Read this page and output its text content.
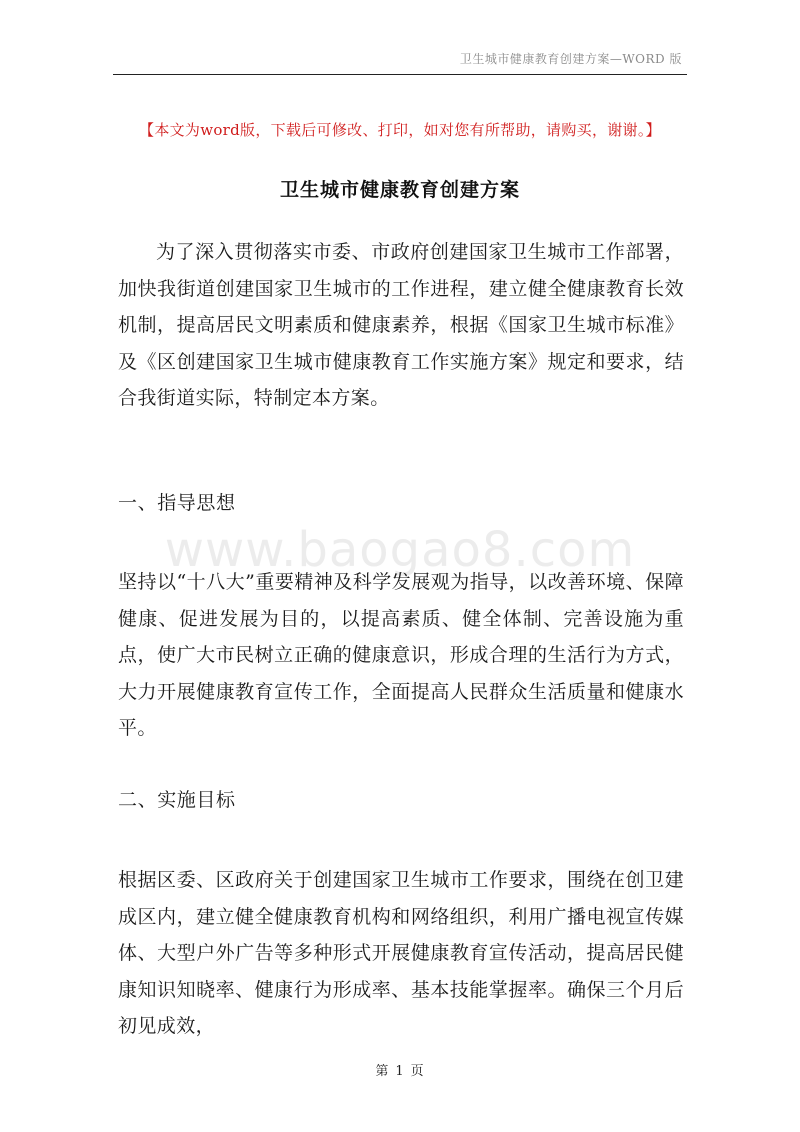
卫生城市健康教育创建方案—WORD 版
【本文为word版，下载后可修改、打印，如对您有所帮助，请购买，谢谢。】
卫生城市健康教育创建方案

为了深入贯彻落实市委、市政府创建国家卫生城市工作部署，加快我街道创建国家卫生城市的工作进程，建立健全健康教育长效机制，提高居民文明素质和健康素养，根据《国家卫生城市标准》及《区创建国家卫生城市健康教育工作实施方案》规定和要求，结合我街道实际，特制定本方案。

一、指导思想
www.baogao8.com

坚持以“十八大”重要精神及科学发展观为指导，以改善环境、保障健康、促进发展为目的，以提高素质、健全体制、完善设施为重点，使广大市民树立正确的健康意识，形成合理的生活行为方式，大力开展健康教育宣传工作，全面提高人民群众生活质量和健康水平。

二、实施目标

根据区委、区政府关于创建国家卫生城市工作要求，围绕在创卫建成区内，建立健全健康教育机构和网络组织，利用广播电视宣传媒体、大型户外广告等多种形式开展健康教育宣传活动，提高居民健康知识知晓率、健康行为形成率、基本技能掌握率。确保三个月后初见成效，

第 1 页
